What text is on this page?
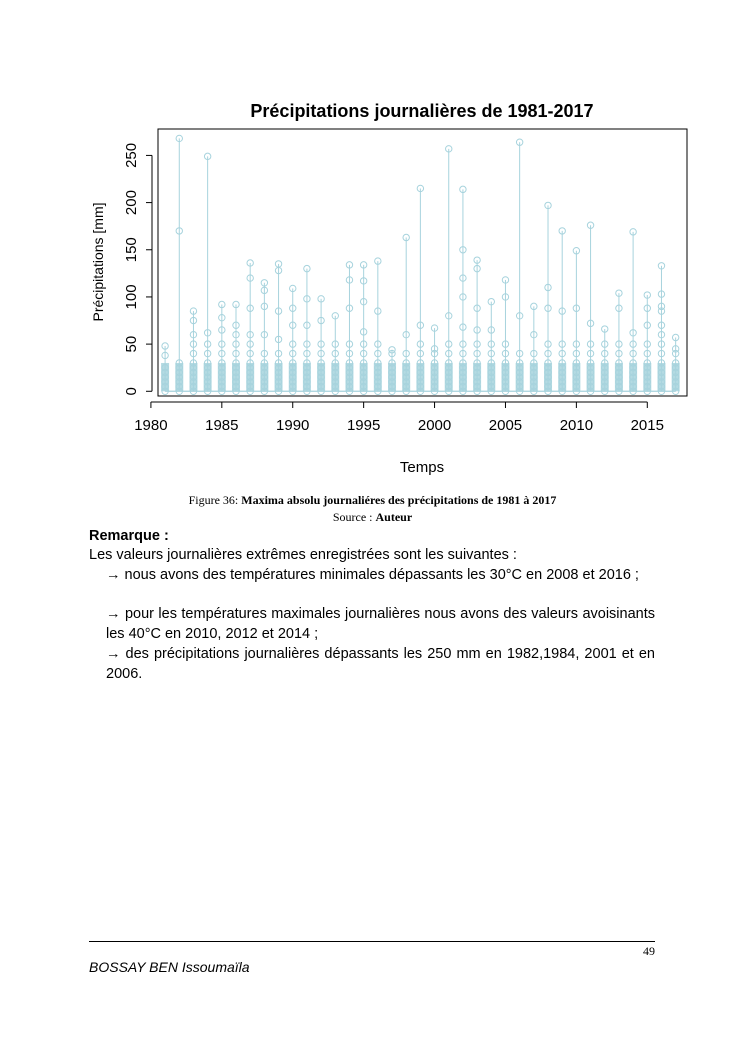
Précipitations journalières de 1981-2017
1980	1985	1990	1995	2000	2005	2010	2015
0
50
100
150
200
250
Temps
Précipitations [mm]
Figure 36: Maxima absolu journaliéres des précipitations de 1981 à 2017
Source : Auteur
Remarque :
Les valeurs journalières extrêmes enregistrées sont les suivantes :
→ nous avons des températures minimales dépassants les 30°C en 2008 et 2016 ;
→ pour les températures maximales journalières nous avons des valeurs avoisinants les 40°C en 2010, 2012 et 2014 ;
→ des précipitations journalières dépassants les 250 mm en 1982,1984, 2001 et en 2006.
49
BOSSAY BEN Issoumaïla
